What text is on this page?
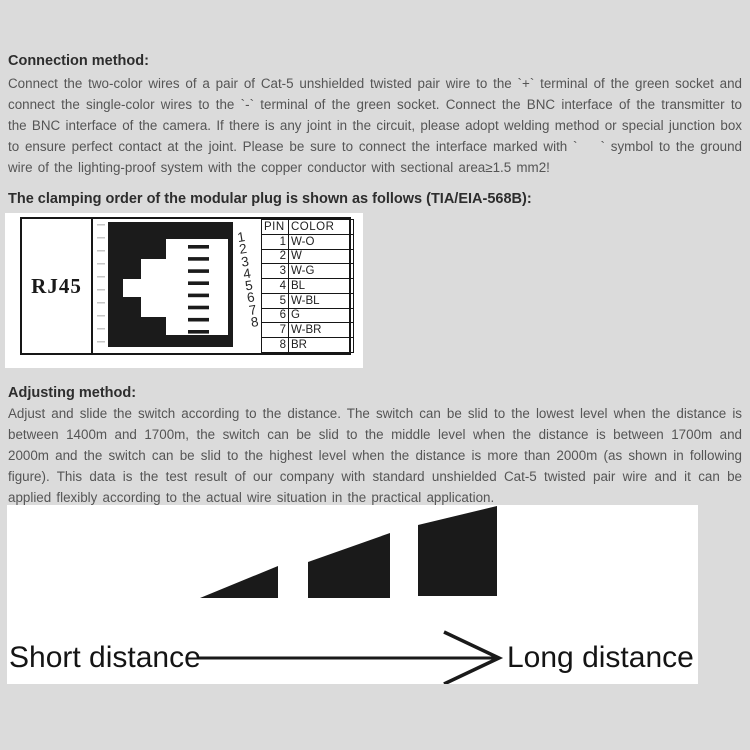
Connection method:
Connect the two-color wires of a pair of Cat-5 unshielded twisted pair wire to the `+` terminal of the green socket and connect the single-color wires to the `-` terminal of the green socket. Connect the BNC interface of the transmitter to the BNC interface of the camera. If there is any joint in the circuit, please adopt welding method or special junction box to ensure perfect contact at the joint. Please be sure to connect the interface marked with `    ` symbol to the ground wire of the lighting-proof system with the copper conductor with sectional area≥1.5 mm2!
The clamping order of the modular plug is shown as follows (TIA/EIA-568B):
RJ45
1
2
3
4
5
6
7
8
PIN	COLOR
1	W-O
2	W
3	W-G
4	BL
5	W-BL
6	G
7	W-BR
8	BR
Adjusting method:
Adjust and slide the switch according to the distance. The switch can be slid to the lowest level when the distance is between 1400m and 1700m, the switch can be slid to the middle level when the distance is between 1700m and 2000m and the switch can be slid to the highest level when the distance is more than 2000m (as shown in following figure). This data is the test result of our company with standard unshielded Cat-5 twisted pair wire and it can be applied flexibly according to the actual wire situation in the practical application.
Short distance	Long distance
